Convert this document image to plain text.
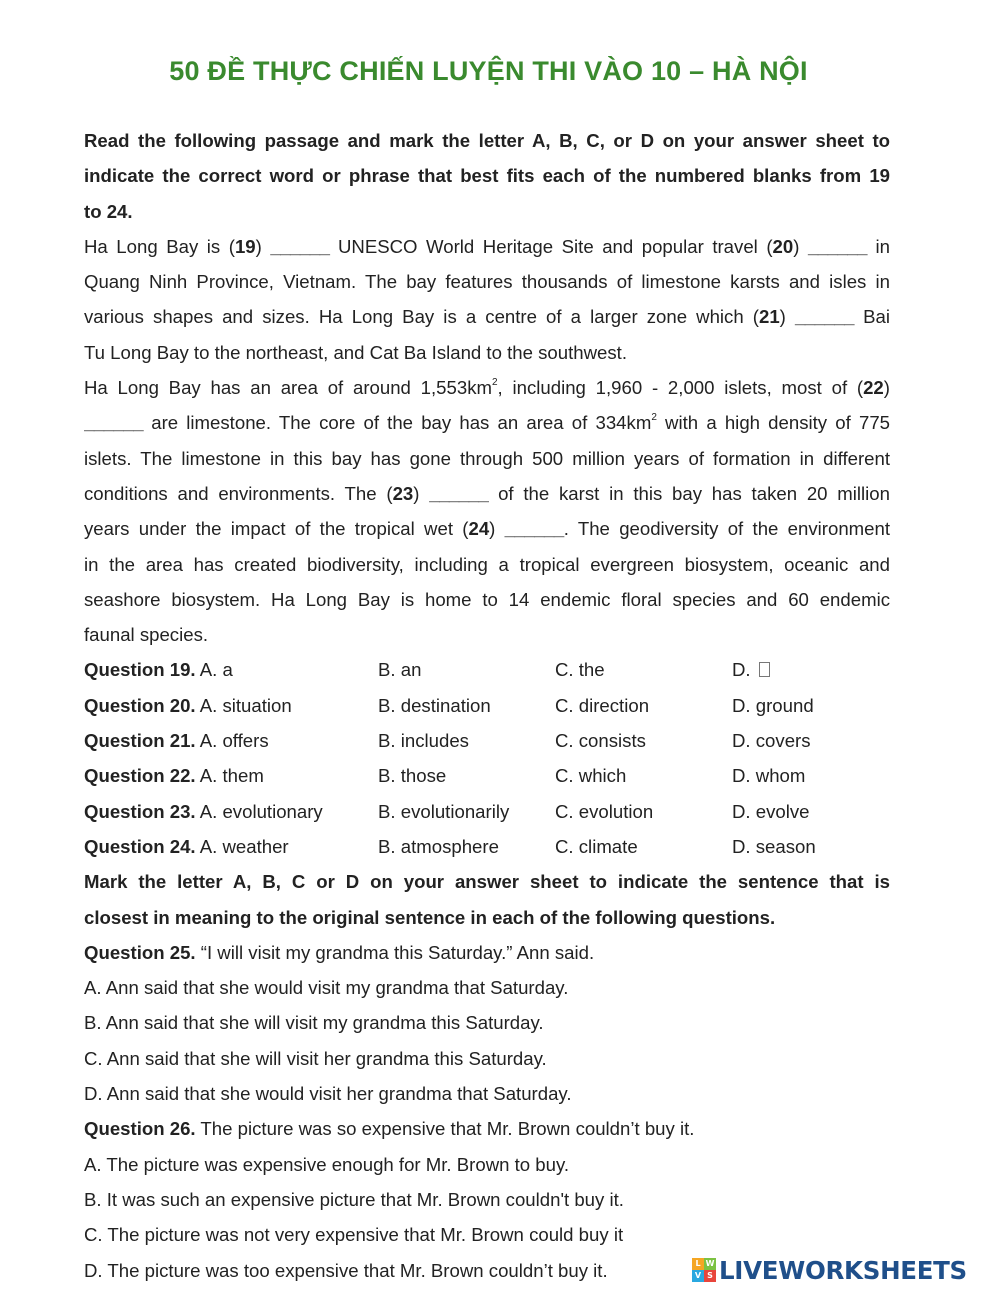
50 ĐỀ THỰC CHIẾN LUYỆN THI VÀO 10 – HÀ NỘI
Read the following passage and mark the letter A, B, C, or D on your answer sheet to
indicate the correct word or phrase that best fits each of the numbered blanks from 19
to 24.
Ha Long Bay is (19) ______ UNESCO World Heritage Site and popular travel (20) ______ in
Quang Ninh Province, Vietnam. The bay features thousands of limestone karsts and isles in
various shapes and sizes. Ha Long Bay is a centre of a larger zone which (21) ______ Bai
Tu Long Bay to the northeast, and Cat Ba Island to the southwest.
Ha Long Bay has an area of around $1,553km^2$, including 1,960 - 2,000 islets, most of (22)
______ are limestone. The core of the bay has an area of $334km^2$ with a high density of 775
islets. The limestone in this bay has gone through 500 million years of formation in different
conditions and environments. The (23) ______ of the karst in this bay has taken 20 million
years under the impact of the tropical wet (24) ______. The geodiversity of the environment
in the area has created biodiversity, including a tropical evergreen biosystem, oceanic and
seashore biosystem. Ha Long Bay is home to 14 endemic floral species and 60 endemic
faunal species.
Question 19. A. a	B. an	C. the	D.
Question 20. A. situation	B. destination	C. direction	D. ground
Question 21. A. offers	B. includes	C. consists	D. covers
Question 22. A. them	B. those	C. which	D. whom
Question 23. A. evolutionary	B. evolutionarily C. evolution	D. evolve
Question 24. A. weather	B. atmosphere	C. climate	D. season
Mark the letter A, B, C or D on your answer sheet to indicate the sentence that is
closest in meaning to the original sentence in each of the following questions.
Question 25. “I will visit my grandma this Saturday.” Ann said.
A. Ann said that she would visit my grandma that Saturday.
B. Ann said that she will visit my grandma this Saturday.
C. Ann said that she will visit her grandma this Saturday.
D. Ann said that she would visit her grandma that Saturday.
Question 26. The picture was so expensive that Mr. Brown couldn’t buy it.
A. The picture was expensive enough for Mr. Brown to buy.
B. It was such an expensive picture that Mr. Brown couldn't buy it.
C. The picture was not very expensive that Mr. Brown could buy it
D. The picture was too expensive that Mr. Brown couldn’t buy it.	L W
V S LIVEWORKSHEETS
